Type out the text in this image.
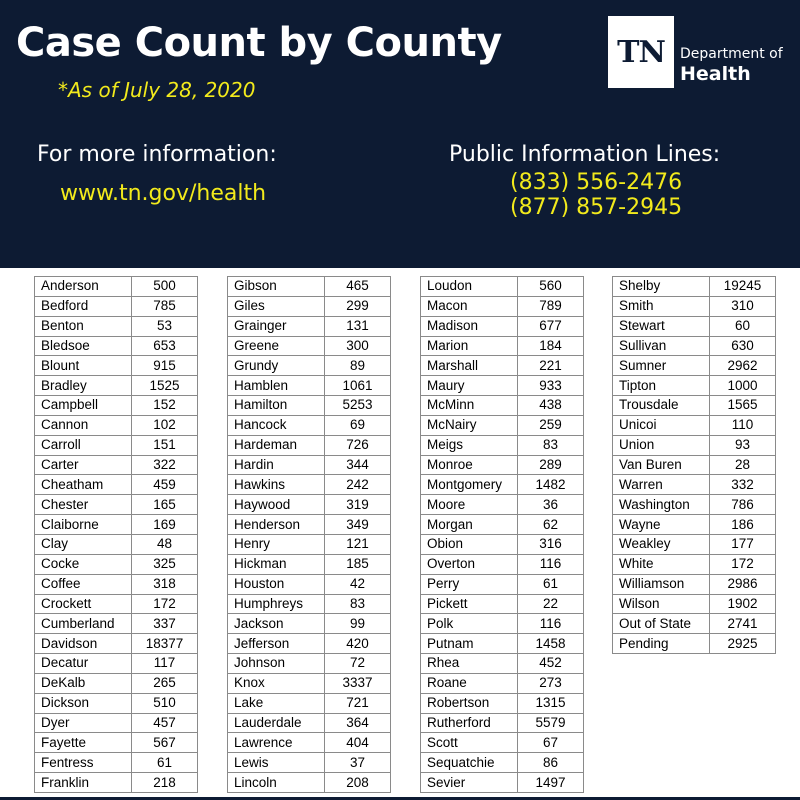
Case Count by County
*As of July 28, 2020
For more information:
www.tn.gov/health
Public Information Lines:
(833) 556-2476
(877) 857-2945
TN	Department of
Health
Anderson	500
Bedford	785
Benton	53
Bledsoe	653
Blount	915
Bradley	1525
Campbell	152
Cannon	102
Carroll	151
Carter	322
Cheatham	459
Chester	165
Claiborne	169
Clay	48
Cocke	325
Coffee	318
Crockett	172
Cumberland	337
Davidson	18377
Decatur	117
DeKalb	265
Dickson	510
Dyer	457
Fayette	567
Fentress	61
Franklin	218
Gibson	465
Giles	299
Grainger	131
Greene	300
Grundy	89
Hamblen	1061
Hamilton	5253
Hancock	69
Hardeman	726
Hardin	344
Hawkins	242
Haywood	319
Henderson	349
Henry	121
Hickman	185
Houston	42
Humphreys	83
Jackson	99
Jefferson	420
Johnson	72
Knox	3337
Lake	721
Lauderdale	364
Lawrence	404
Lewis	37
Lincoln	208
Loudon	560
Macon	789
Madison	677
Marion	184
Marshall	221
Maury	933
McMinn	438
McNairy	259
Meigs	83
Monroe	289
Montgomery	1482
Moore	36
Morgan	62
Obion	316
Overton	116
Perry	61
Pickett	22
Polk	116
Putnam	1458
Rhea	452
Roane	273
Robertson	1315
Rutherford	5579
Scott	67
Sequatchie	86
Sevier	1497
Shelby	19245
Smith	310
Stewart	60
Sullivan	630
Sumner	2962
Tipton	1000
Trousdale	1565
Unicoi	110
Union	93
Van Buren	28
Warren	332
Washington	786
Wayne	186
Weakley	177
White	172
Williamson	2986
Wilson	1902
Out of State	2741
Pending	2925
